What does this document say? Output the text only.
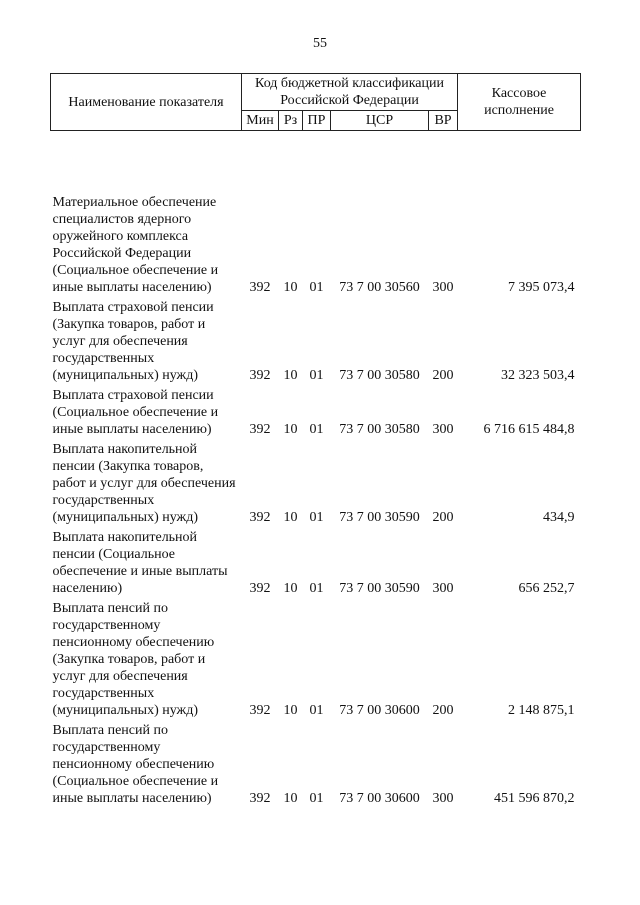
55
Наименование показателя	Код бюджетной классификации Российской Федерации					Кассовое исполнение
	Мин	Рз	ПР	ЦСР	ВР	

Материальное обеспечение специалистов ядерного оружейного комплекса Российской Федерации (Социальное обеспечение и иные выплаты населению)	392	10	01	73 7 00 30560	300	7 395 073,4
Выплата страховой пенсии (Закупка товаров, работ и услуг для обеспечения государственных (муниципальных) нужд)	392	10	01	73 7 00 30580	200	32 323 503,4
Выплата страховой пенсии (Социальное обеспечение и иные выплаты населению)	392	10	01	73 7 00 30580	300	6 716 615 484,8
Выплата накопительной пенсии (Закупка товаров, работ и услуг для обеспечения государственных (муниципальных) нужд)	392	10	01	73 7 00 30590	200	434,9
Выплата накопительной пенсии (Социальное обеспечение и иные выплаты населению)	392	10	01	73 7 00 30590	300	656 252,7
Выплата пенсий по государственному пенсионному обеспечению (Закупка товаров, работ и услуг для обеспечения государственных (муниципальных) нужд)	392	10	01	73 7 00 30600	200	2 148 875,1
Выплата пенсий по государственному пенсионному обеспечению (Социальное обеспечение и иные выплаты населению)	392	10	01	73 7 00 30600	300	451 596 870,2
